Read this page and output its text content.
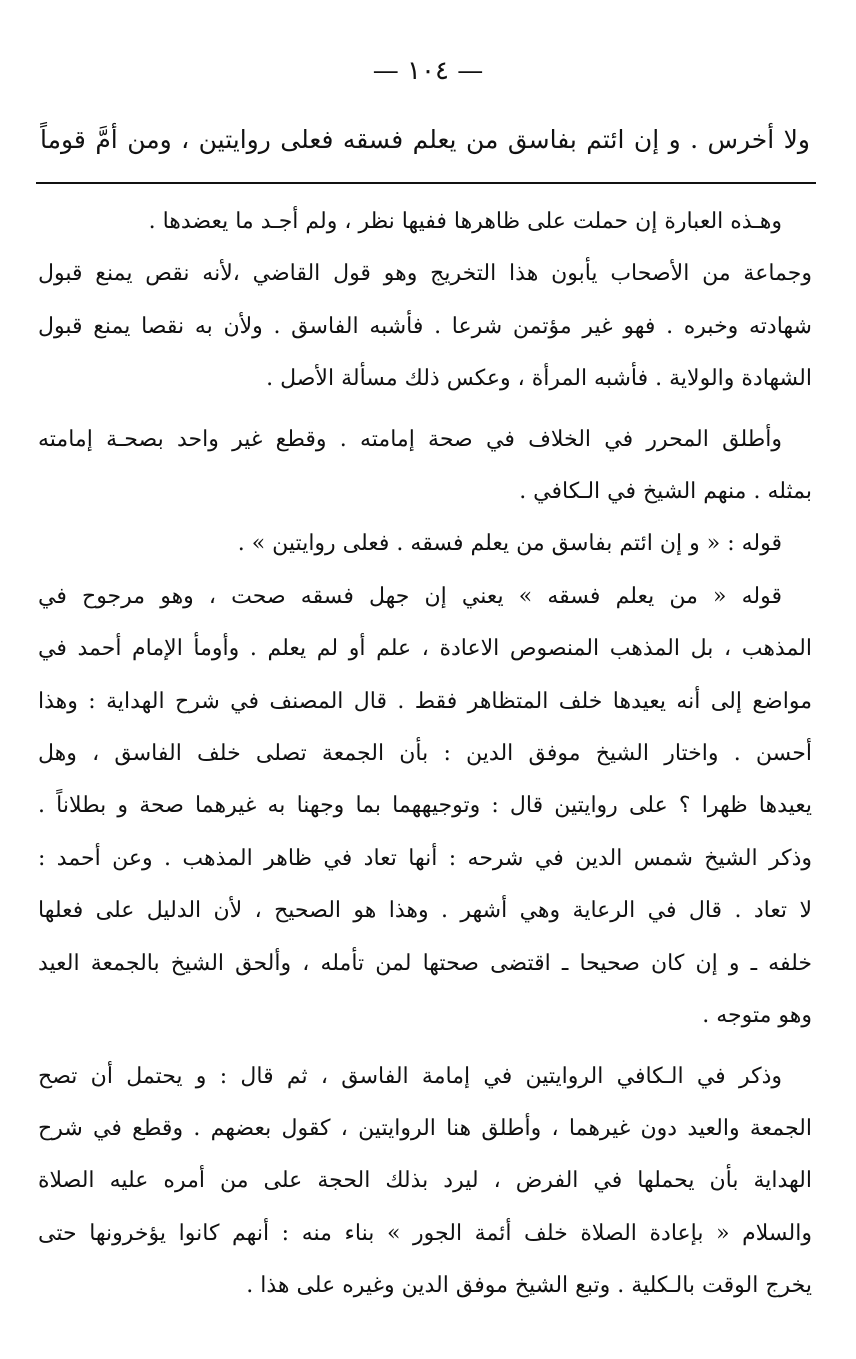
— ١٠٤ —
ولا أخرس . و إن ائتم بفاسق من يعلم فسقه فعلى روايتين ، ومن أمَّ قوماً
وهـذه العبارة إن حملت على ظاهرها ففيها نظر ، ولم أجـد ما يعضدها .
وجماعة من الأصحاب يأبون هذا التخريج وهو قول القاضي ،لأنه نقص يمنع قبول
شهادته وخبره . فهو غير مؤتمن شرعا . فأشبه الفاسق . ولأن به نقصا يمنع قبول
الشهادة والولاية . فأشبه المرأة ، وعكس ذلك مسألة الأصل .
وأطلق المحرر في الخلاف في صحة إمامته . وقطع غير واحد بصحـة إمامته
بمثله . منهم الشيخ في الـكافي .
قوله : « و إن ائتم بفاسق من يعلم فسقه . فعلى روايتين » .
قوله « من يعلم فسقه » يعني إن جهل فسقه صحت ، وهو مرجوح في
المذهب ، بل المذهب المنصوص الاعادة ، علم أو لم يعلم . وأومأ الإمام أحمد في
مواضع إلى أنه يعيدها خلف المتظاهر فقط . قال المصنف في شرح الهداية : وهذا
أحسن . واختار الشيخ موفق الدين : بأن الجمعة تصلى خلف الفاسق ، وهل
يعيدها ظهرا ؟ على روايتين قال : وتوجيههما بما وجهنا به غيرهما صحة و بطلاناً .
وذكر الشيخ شمس الدين في شرحه : أنها تعاد في ظاهر المذهب . وعن أحمد :
لا تعاد . قال في الرعاية وهي أشهر . وهذا هو الصحيح ، لأن الدليل على فعلها
خلفه ـ و إن كان صحيحا ـ اقتضى صحتها لمن تأمله ، وألحق الشيخ بالجمعة العيد
وهو متوجه .
وذكر في الـكافي الروايتين في إمامة الفاسق ، ثم قال : و يحتمل أن تصح
الجمعة والعيد دون غيرهما ، وأطلق هنا الروايتين ، كقول بعضهم . وقطع في شرح
الهداية بأن يحملها في الفرض ، ليرد بذلك الحجة على من أمره عليه الصلاة
والسلام « بإعادة الصلاة خلف أئمة الجور » بناء منه : أنهم كانوا يؤخرونها حتى
يخرج الوقت بالـكلية . وتبع الشيخ موفق الدين وغيره على هذا .
